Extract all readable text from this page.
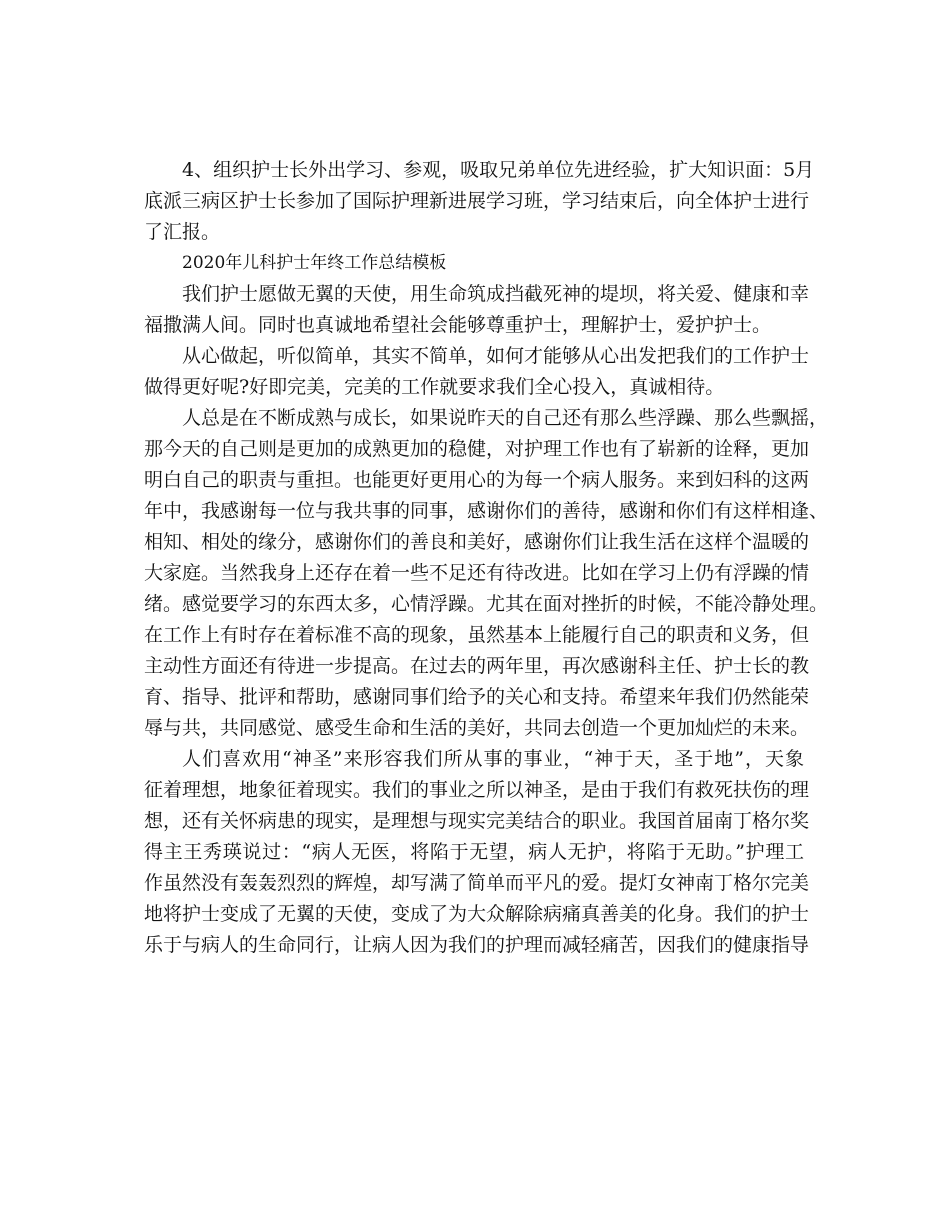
4、组织护士长外出学习、参观，吸取兄弟单位先进经验，扩大知识面：5月
底派三病区护士长参加了国际护理新进展学习班，学习结束后，向全体护士进行
了汇报。
2020年儿科护士年终工作总结模板
我们护士愿做无翼的天使，用生命筑成挡截死神的堤坝，将关爱、健康和幸
福撒满人间。同时也真诚地希望社会能够尊重护士，理解护士，爱护护士。
从心做起，听似简单，其实不简单，如何才能够从心出发把我们的工作护士
做得更好呢?好即完美，完美的工作就要求我们全心投入，真诚相待。
人总是在不断成熟与成长，如果说昨天的自己还有那么些浮躁、那么些飘摇，
那今天的自己则是更加的成熟更加的稳健，对护理工作也有了崭新的诠释，更加
明白自己的职责与重担。也能更好更用心的为每一个病人服务。来到妇科的这两
年中，我感谢每一位与我共事的同事，感谢你们的善待，感谢和你们有这样相逢、
相知、相处的缘分，感谢你们的善良和美好，感谢你们让我生活在这样个温暖的
大家庭。当然我身上还存在着一些不足还有待改进。比如在学习上仍有浮躁的情
绪。感觉要学习的东西太多，心情浮躁。尤其在面对挫折的时候，不能冷静处理。
在工作上有时存在着标准不高的现象，虽然基本上能履行自己的职责和义务，但
主动性方面还有待进一步提高。在过去的两年里，再次感谢科主任、护士长的教
育、指导、批评和帮助，感谢同事们给予的关心和支持。希望来年我们仍然能荣
辱与共，共同感觉、感受生命和生活的美好，共同去创造一个更加灿烂的未来。
人们喜欢用“神圣”来形容我们所从事的事业，“神于天，圣于地”，天象
征着理想，地象征着现实。我们的事业之所以神圣，是由于我们有救死扶伤的理
想，还有关怀病患的现实，是理想与现实完美结合的职业。我国首届南丁格尔奖
得主王秀瑛说过：“病人无医，将陷于无望，病人无护，将陷于无助。”护理工
作虽然没有轰轰烈烈的辉煌，却写满了简单而平凡的爱。提灯女神南丁格尔完美
地将护士变成了无翼的天使，变成了为大众解除病痛真善美的化身。我们的护士
乐于与病人的生命同行，让病人因为我们的护理而减轻痛苦，因我们的健康指导
